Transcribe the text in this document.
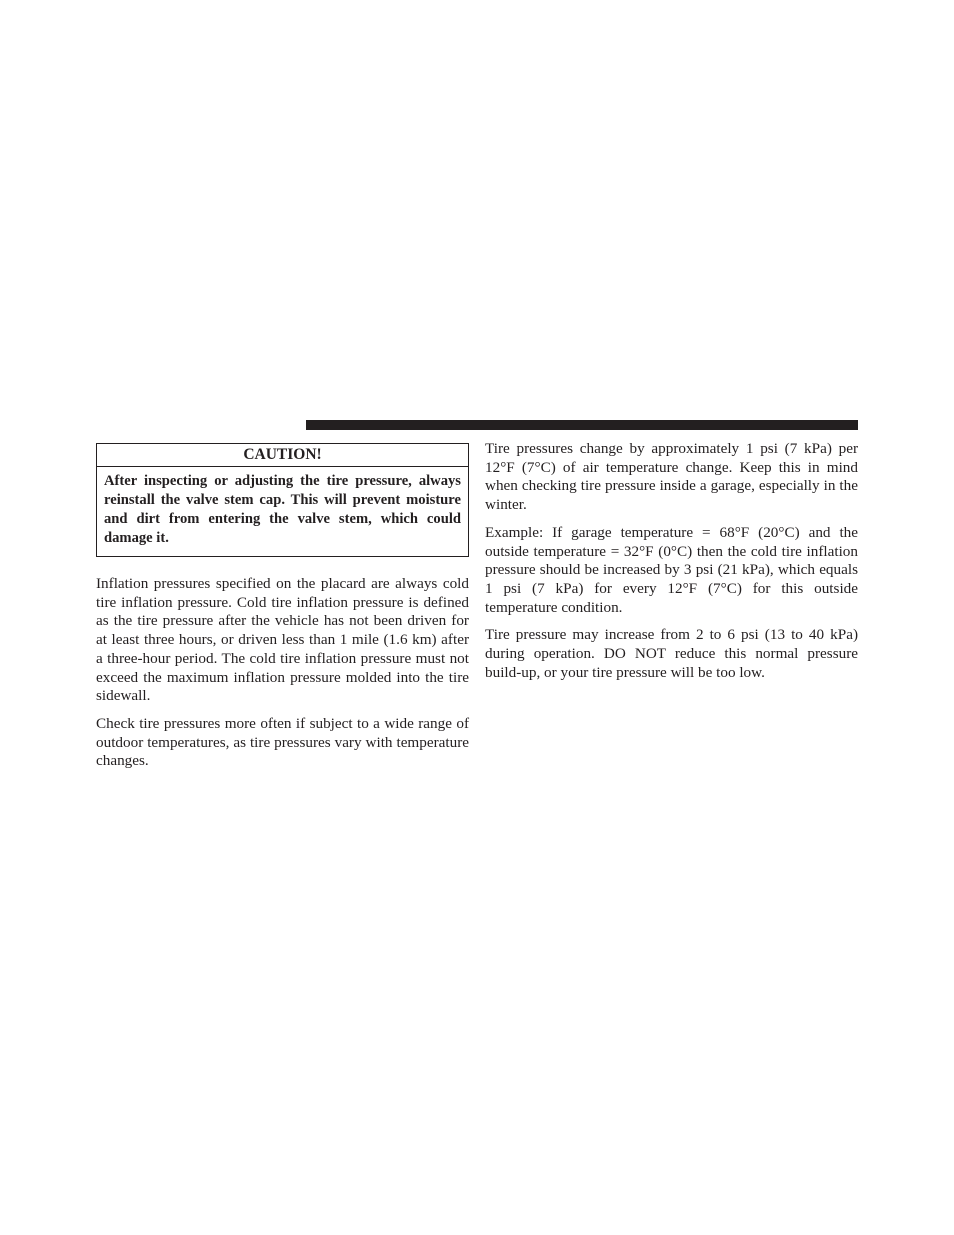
CAUTION!
After inspecting or adjusting the tire pressure, always reinstall the valve stem cap. This will prevent moisture and dirt from entering the valve stem, which could damage it.

Inflation pressures specified on the placard are always cold tire inflation pressure. Cold tire inflation pressure is defined as the tire pressure after the vehicle has not been driven for at least three hours, or driven less than 1 mile (1.6 km) after a three-hour period. The cold tire inflation pressure must not exceed the maximum inflation pressure molded into the tire sidewall.

Check tire pressures more often if subject to a wide range of outdoor temperatures, as tire pressures vary with temperature changes.

Tire pressures change by approximately 1 psi (7 kPa) per 12°F (7°C) of air temperature change. Keep this in mind when checking tire pressure inside a garage, especially in the winter.

Example: If garage temperature = 68°F (20°C) and the outside temperature = 32°F (0°C) then the cold tire inflation pressure should be increased by 3 psi (21 kPa), which equals 1 psi (7 kPa) for every 12°F (7°C) for this outside temperature condition.

Tire pressure may increase from 2 to 6 psi (13 to 40 kPa) during operation. DO NOT reduce this normal pressure build-up, or your tire pressure will be too low.
